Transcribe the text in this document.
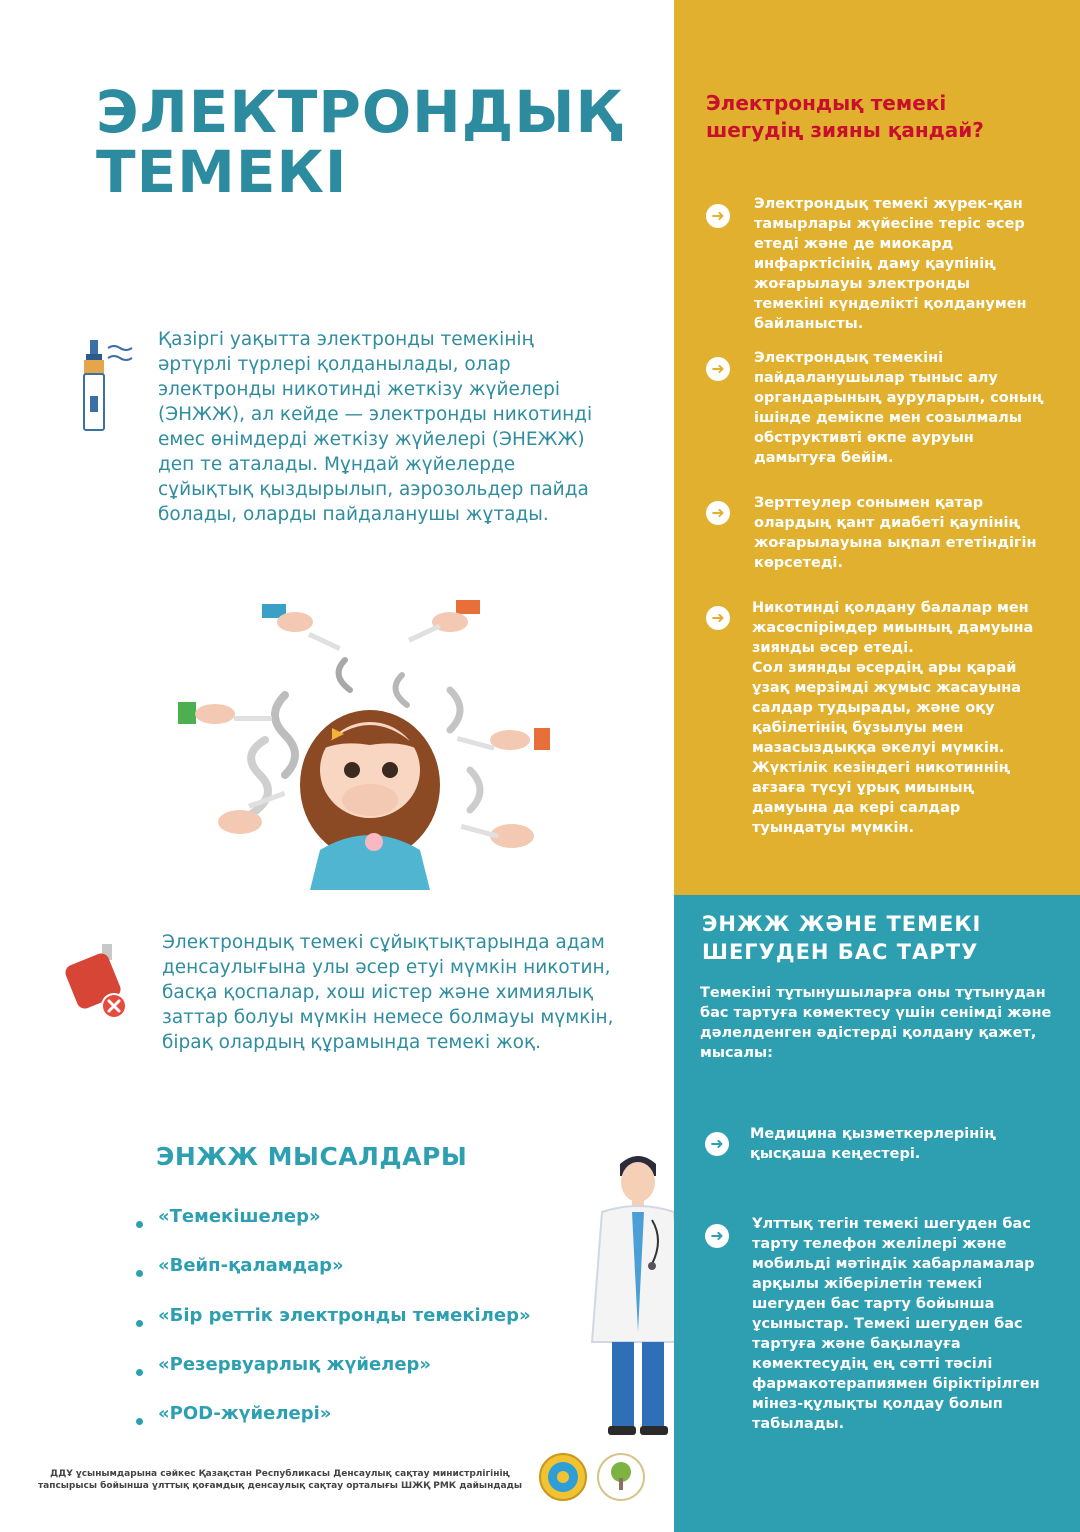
ЭЛЕКТРОНДЫҚ
ТЕМЕКІ

Қазіргі уақытта электронды темекінің әртүрлі түрлері қолданылады, олар электронды никотинді жеткізу жүйелері (ЭНЖЖ), ал кейде — электронды никотинді емес өнімдерді жеткізу жүйелері (ЭНЕЖЖ) деп те аталады. Мұндай жүйелерде сұйықтық қыздырылып, аэрозольдер пайда болады, оларды пайдаланушы жұтады.

Электрондық темекі сұйықтықтарында адам денсаулығына улы әсер етуі мүмкін никотин, басқа қоспалар, хош иістер және химиялық заттар болуы мүмкін немесе болмауы мүмкін, бірақ олардың құрамында темекі жоқ.

ЭНЖЖ МЫСАЛДАРЫ
«Темекішелер»
«Вейп-қаламдар»
«Бір реттік электронды темекілер»
«Резервуарлық жүйелер»
«POD-жүйелері»
Электрондық темекі шегудің зияны қандай?
➜
Электрондық темекі жүрек-қан тамырлары жүйесіне теріс әсер етеді және де миокард инфарктісінің даму қаупінің жоғарылауы электронды темекіні күнделікті қолданумен байланысты.
➜
Электрондық темекіні пайдаланушылар тыныс алу органдарының ауруларын, соның ішінде демікпе мен созылмалы обструктивті өкпе ауруын дамытуға бейім.
➜	Зерттеулер сонымен қатар олардың қант диабеті қаупінің жоғарылауына ықпал ететіндігін көрсетеді.
➜	Никотинді қолдану балалар мен жасөспірімдер миының дамуына зиянды әсер етеді.
Сол зиянды әсердің ары қарай ұзақ мерзімді жұмыс жасауына салдар тудырады, және оқу қабілетінің бұзылуы мен мазасыздыққа әкелуі мүмкін. Жүктілік кезіндегі никотиннің ағзаға түсуі ұрық миының дамуына да кері салдар туындатуы мүмкін.
ЭНЖЖ ЖӘНЕ ТЕМЕКІ ШЕГУДЕН БАС ТАРТУ
Темекіні тұтынушыларға оны тұтынудан бас тартуға көмектесу үшін сенімді және дәлелденген әдістерді қолдану қажет, мысалы:
➜	Медицина қызметкерлерінің қысқаша кеңестері.
➜
Ұлттық тегін темекі шегуден бас тарту телефон желілері және мобильді мәтіндік хабарламалар арқылы жіберілетін темекі шегуден бас тарту бойынша ұсыныстар. Темекі шегуден бас тартуға және бақылауға көмектесудің ең сәтті тәсілі фармакотерапиямен біріктірілген мінез-құлықты қолдау болып табылады.
ДДҰ ұсынымдарына сәйкес Қазақстан Республикасы Денсаулық сақтау министрлігінің
тапсырысы бойынша ұлттық қоғамдық денсаулық сақтау орталығы ШЖҚ РМК дайындады
